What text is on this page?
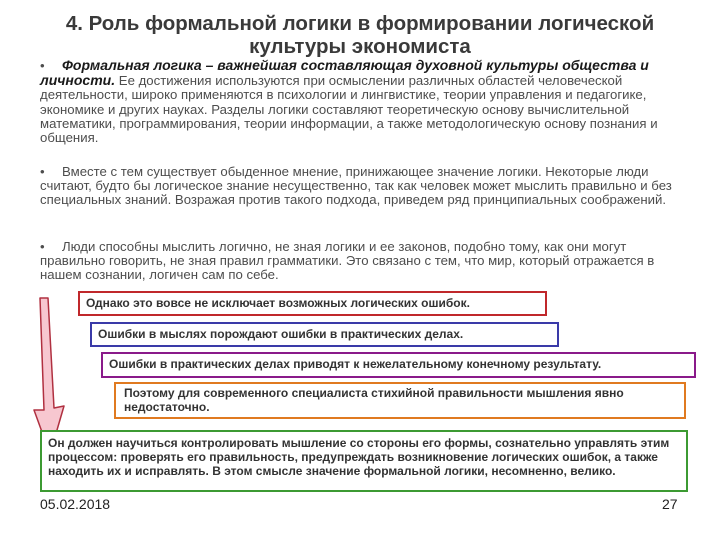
4. Роль формальной логики в формировании логической
культуры экономиста
• Формальная логика – важнейшая составляющая духовной культуры общества и личности. Ее достижения используются при осмыслении различных областей человеческой деятельности, широко применяются в психологии и лингвистике, теории управления и педагогике, экономике и других науках. Разделы логики составляют теоретическую основу вычислительной математики, программирования, теории информации, а также методологическую основу познания и общения.
• Вместе с тем существует обыденное мнение, принижающее значение логики. Некоторые люди считают, будто бы логическое знание несущественно, так как человек может мыслить правильно и без специальных знаний. Возражая против такого подхода, приведем ряд принципиальных соображений.
• Люди способны мыслить логично, не зная логики и ее законов, подобно тому, как они могут правильно говорить, не зная правил грамматики. Это связано с тем, что мир, который отражается в нашем сознании, логичен сам по себе.
Однако это вовсе не исключает возможных логических ошибок.
Ошибки в мыслях порождают ошибки в практических делах.
Ошибки в практических делах приводят к нежелательному конечному результату.
Поэтому для современного специалиста стихийной правильности мышления явно недостаточно.
Он должен научиться контролировать мышление со стороны его формы, сознательно управлять этим процессом: проверять его правильность, предупреждать возникновение логических ошибок, а также находить их и исправлять. В этом смысле значение формальной логики, несомненно, велико.
05.02.2018	27
